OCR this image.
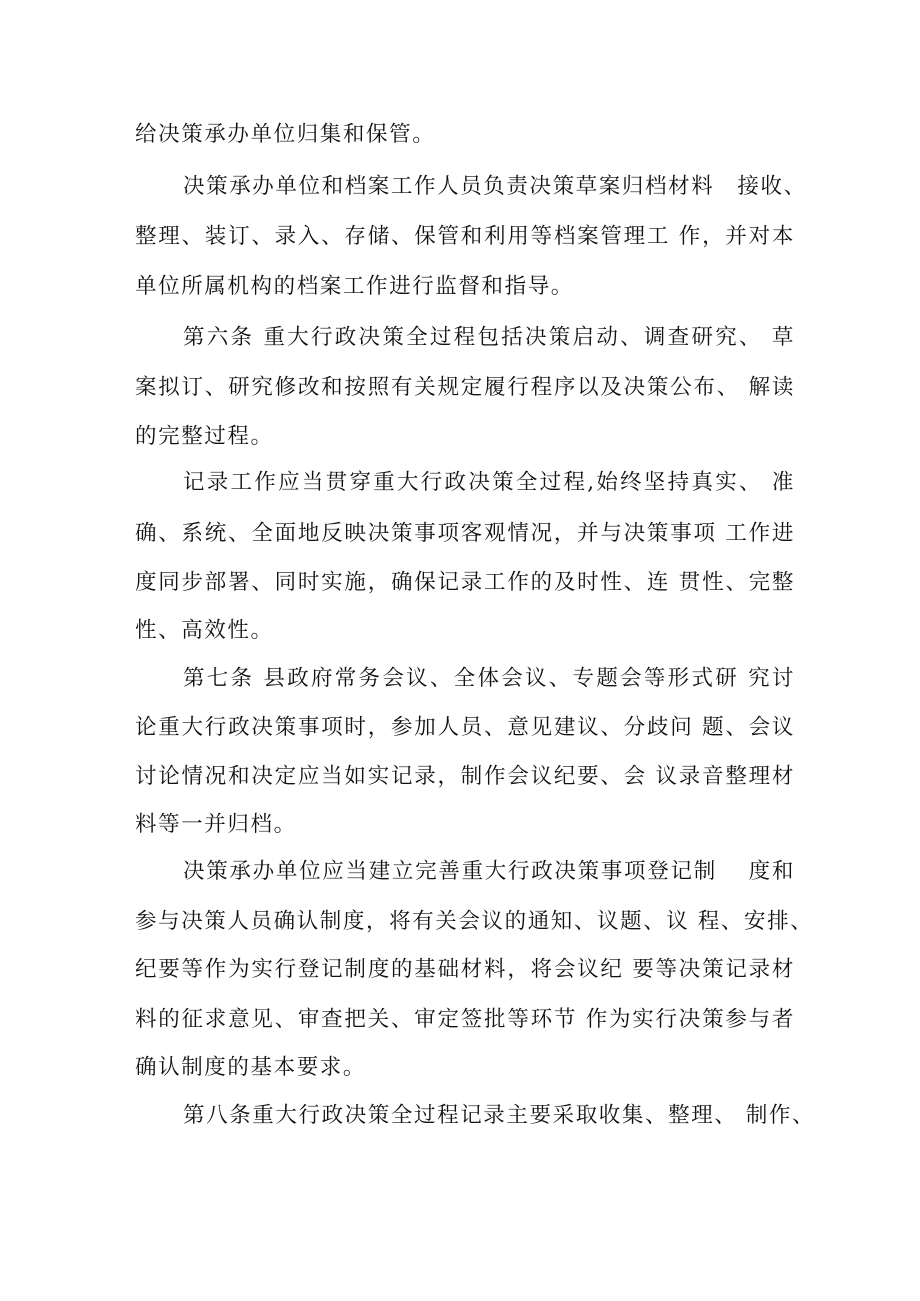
给决策承办单位归集和保管。
决策承办单位和档案工作人员负责决策草案归档材料　接收、
整理、装订、录入、存储、保管和利用等档案管理工 作，并对本
单位所属机构的档案工作进行监督和指导。
第六条 重大行政决策全过程包括决策启动、调查研究、 草
案拟订、研究修改和按照有关规定履行程序以及决策公布、 解读
的完整过程。
记录工作应当贯穿重大行政决策全过程,始终坚持真实、 准
确、系统、全面地反映决策事项客观情况，并与决策事项 工作进
度同步部署、同时实施，确保记录工作的及时性、连 贯性、完整
性、高效性。
第七条 县政府常务会议、全体会议、专题会等形式研 究讨
论重大行政决策事项时，参加人员、意见建议、分歧问 题、会议
讨论情况和决定应当如实记录，制作会议纪要、会 议录音整理材
料等一并归档。
决策承办单位应当建立完善重大行政决策事项登记制　 度和
参与决策人员确认制度，将有关会议的通知、议题、议 程、安排、
纪要等作为实行登记制度的基础材料，将会议纪 要等决策记录材
料的征求意见、审查把关、审定签批等环节 作为实行决策参与者
确认制度的基本要求。
第八条重大行政决策全过程记录主要采取收集、整理、 制作、
